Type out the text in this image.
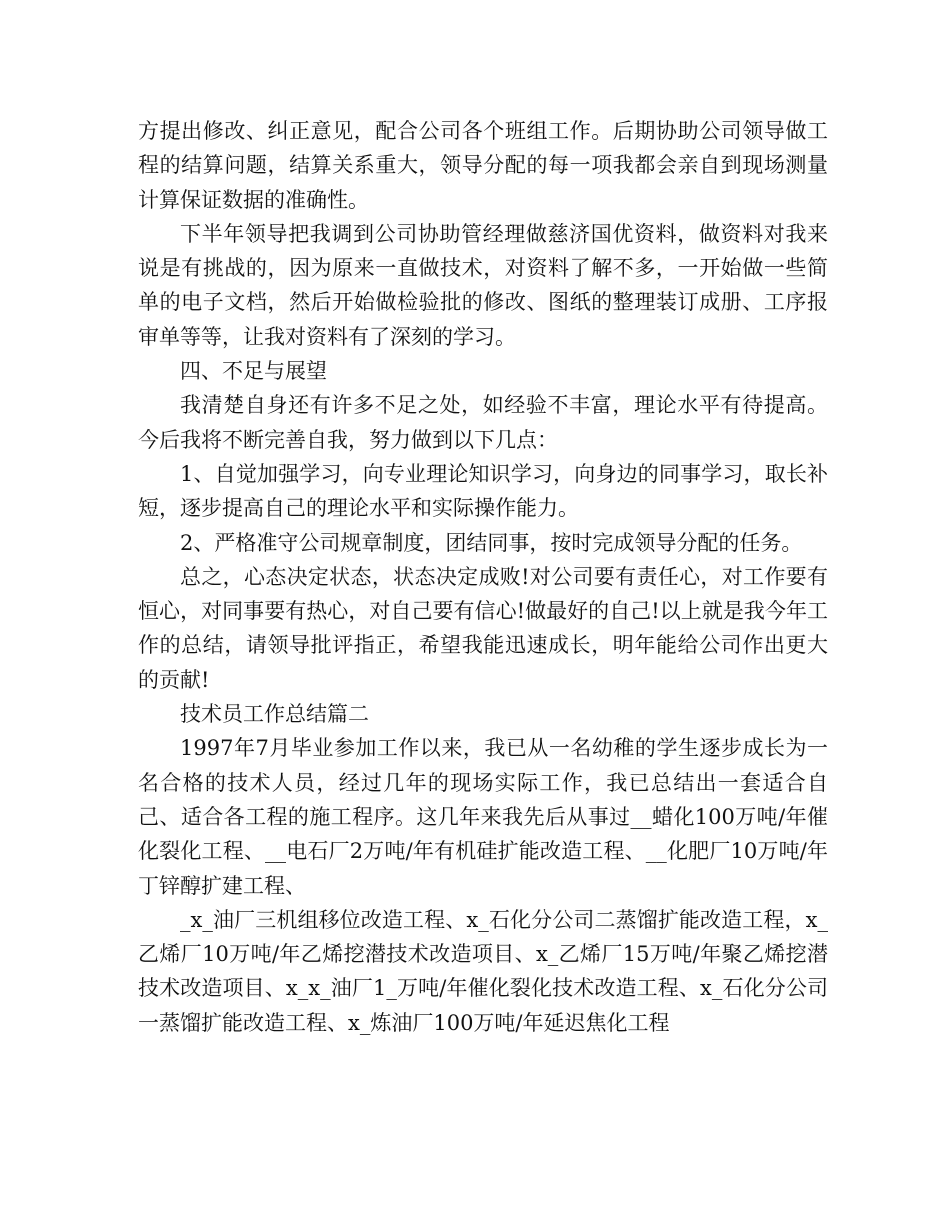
方提出修改、纠正意见，配合公司各个班组工作。后期协助公司领导做工程的结算问题，结算关系重大，领导分配的每一项我都会亲自到现场测量计算保证数据的准确性。

下半年领导把我调到公司协助管经理做慈济国优资料，做资料对我来说是有挑战的，因为原来一直做技术，对资料了解不多，一开始做一些简单的电子文档，然后开始做检验批的修改、图纸的整理装订成册、工序报审单等等，让我对资料有了深刻的学习。

四、不足与展望

我清楚自身还有许多不足之处，如经验不丰富，理论水平有待提高。今后我将不断完善自我，努力做到以下几点：

1、自觉加强学习，向专业理论知识学习，向身边的同事学习，取长补短，逐步提高自己的理论水平和实际操作能力。

2、严格准守公司规章制度，团结同事，按时完成领导分配的任务。

总之，心态决定状态，状态决定成败!对公司要有责任心，对工作要有恒心，对同事要有热心，对自己要有信心!做最好的自己!以上就是我今年工作的总结，请领导批评指正，希望我能迅速成长，明年能给公司作出更大的贡献!

技术员工作总结篇二

1997年7月毕业参加工作以来，我已从一名幼稚的学生逐步成长为一名合格的技术人员，经过几年的现场实际工作，我已总结出一套适合自己、适合各工程的施工程序。这几年来我先后从事过__蜡化100万吨/年催化裂化工程、__电石厂2万吨/年有机硅扩能改造工程、__化肥厂10万吨/年丁锌醇扩建工程、

_x_油厂三机组移位改造工程、x_石化分公司二蒸馏扩能改造工程，x_乙烯厂10万吨/年乙烯挖潜技术改造项目、x_乙烯厂15万吨/年聚乙烯挖潜技术改造项目、x_x_油厂1_万吨/年催化裂化技术改造工程、x_石化分公司一蒸馏扩能改造工程、x_炼油厂100万吨/年延迟焦化工程
